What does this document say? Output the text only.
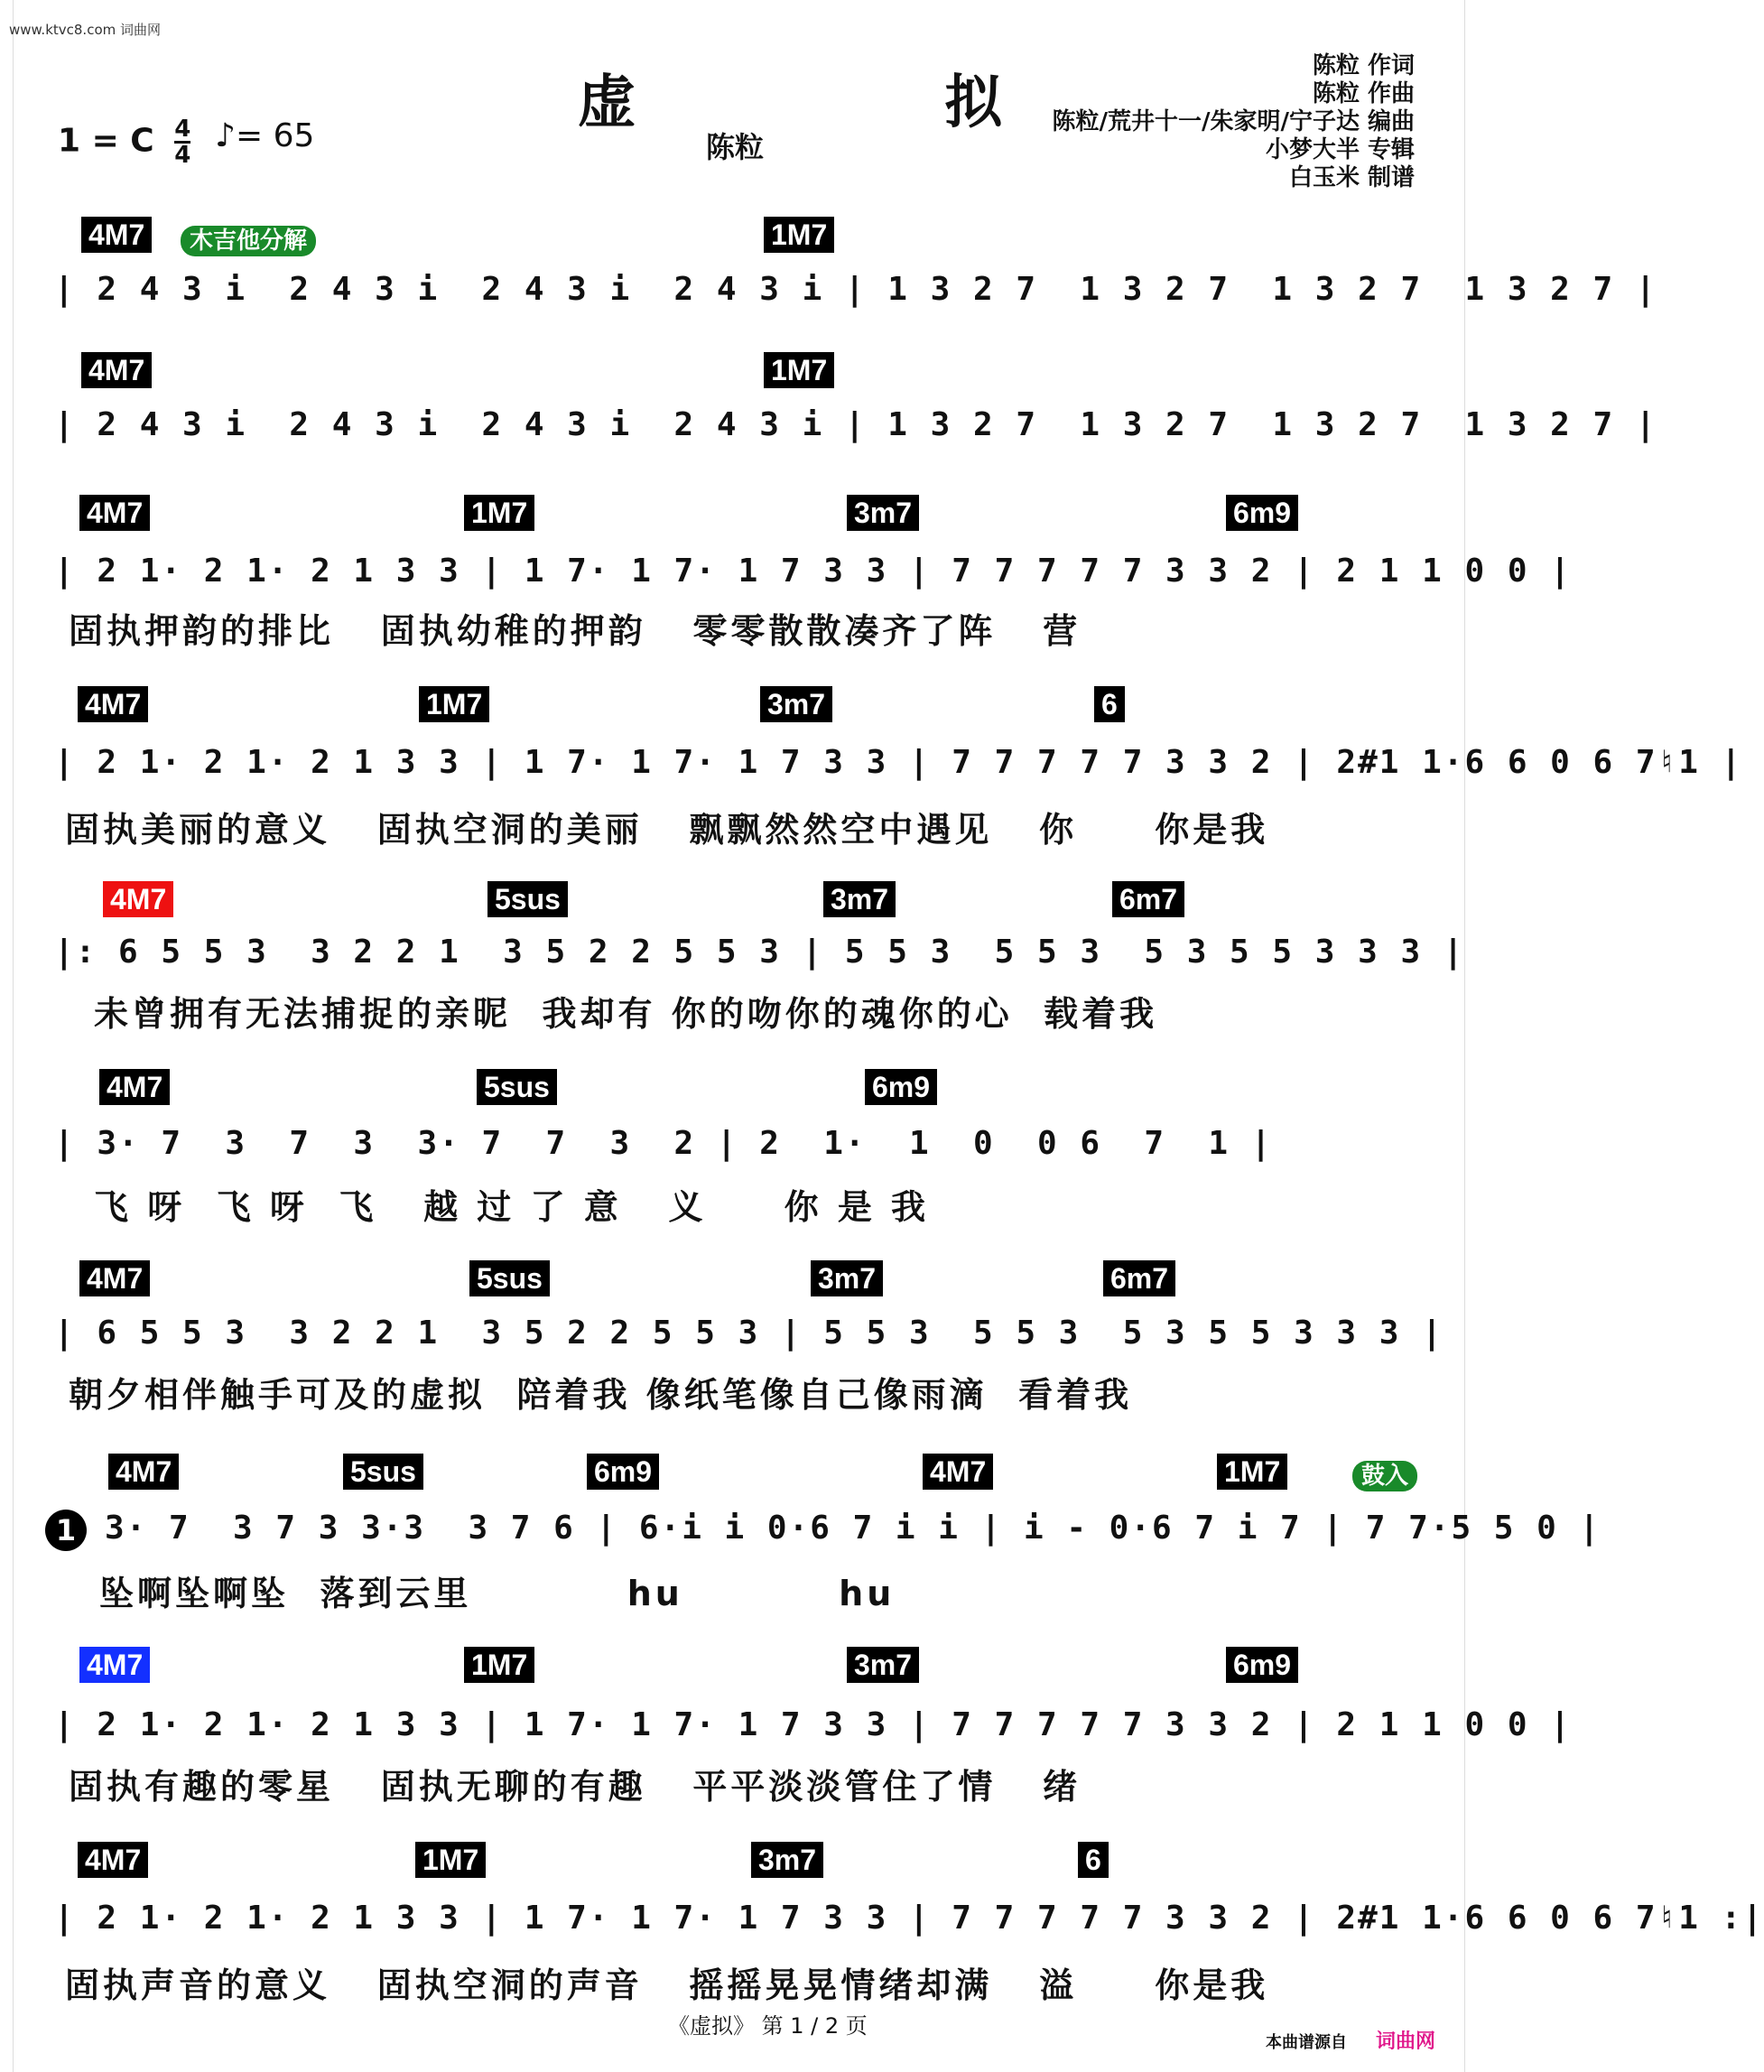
www.ktvc8.com 词曲网
虚 拟
陈粒
1 = C $\frac{4}{4}$ ♪= 65
陈粒 作词
陈粒 作曲
陈粒/荒井十一/朱家明/宁子达 编曲
小梦大半 专辑
白玉米 制谱
4M7	木吉他分解	1M7
| 2 4 3 i  2 4 3 i  2 4 3 i  2 4 3 i | 1 3 2 7  1 3 2 7  1 3 2 7  1 3 2 7 |
4M7	1M7
| 2 4 3 i  2 4 3 i  2 4 3 i  2 4 3 i | 1 3 2 7  1 3 2 7  1 3 2 7  1 3 2 7 |
4M7	1M7	3m7	6m9
| 2 1· 2 1· 2 1 3 3 | 1 7· 1 7· 1 7 3 3 | 7 7 7 7 7 3 3 2 | 2 1 1 0 0 |
固执押韵的排比   固执幼稚的押韵   零零散散凑齐了阵   营
4M7	1M7	3m7	6
| 2 1· 2 1· 2 1 3 3 | 1 7· 1 7· 1 7 3 3 | 7 7 7 7 7 3 3 2 | 2#1 1·6 6 0 6 7♮1 |
固执美丽的意义   固执空洞的美丽   飘飘然然空中遇见   你     你是我
4M7	5sus	3m7	6m7
|: 6 5 5 3  3 2 2 1  3 5 2 2 5 5 3 | 5 5 3  5 5 3  5 3 5 5 3 3 3 |
未曾拥有无法捕捉的亲昵  我却有 你的吻你的魂你的心  载着我
4M7	5sus	6m9
| 3· 7  3  7  3  3· 7  7  3  2 | 2  1·  1  0  0 6  7  1 |
飞 呀  飞 呀  飞   越 过 了 意   义     你 是 我
4M7	5sus	3m7	6m7
| 6 5 5 3  3 2 2 1  3 5 2 2 5 5 3 | 5 5 3  5 5 3  5 3 5 5 3 3 3 |
朝夕相伴触手可及的虚拟  陪着我 像纸笔像自己像雨滴  看着我
4M7	5sus	6m9	4M7	1M7	鼓入
1 3· 7  3 7 3 3·3  3 7 6 | 6·i i 0·6 7 i i | i - 0·6 7 i 7 | 7 7·5 5 0 |
坠啊坠啊坠  落到云里          hu          hu
4M7	1M7	3m7	6m9
| 2 1· 2 1· 2 1 3 3 | 1 7· 1 7· 1 7 3 3 | 7 7 7 7 7 3 3 2 | 2 1 1 0 0 |
固执有趣的零星   固执无聊的有趣   平平淡淡管住了情   绪
4M7	1M7	3m7	6
| 2 1· 2 1· 2 1 3 3 | 1 7· 1 7· 1 7 3 3 | 7 7 7 7 7 3 3 2 | 2#1 1·6 6 0 6 7♮1 :|
固执声音的意义   固执空洞的声音   摇摇晃晃情绪却满   溢     你是我
《虚拟》 第 1 / 2 页
本曲谱源自 词曲网
